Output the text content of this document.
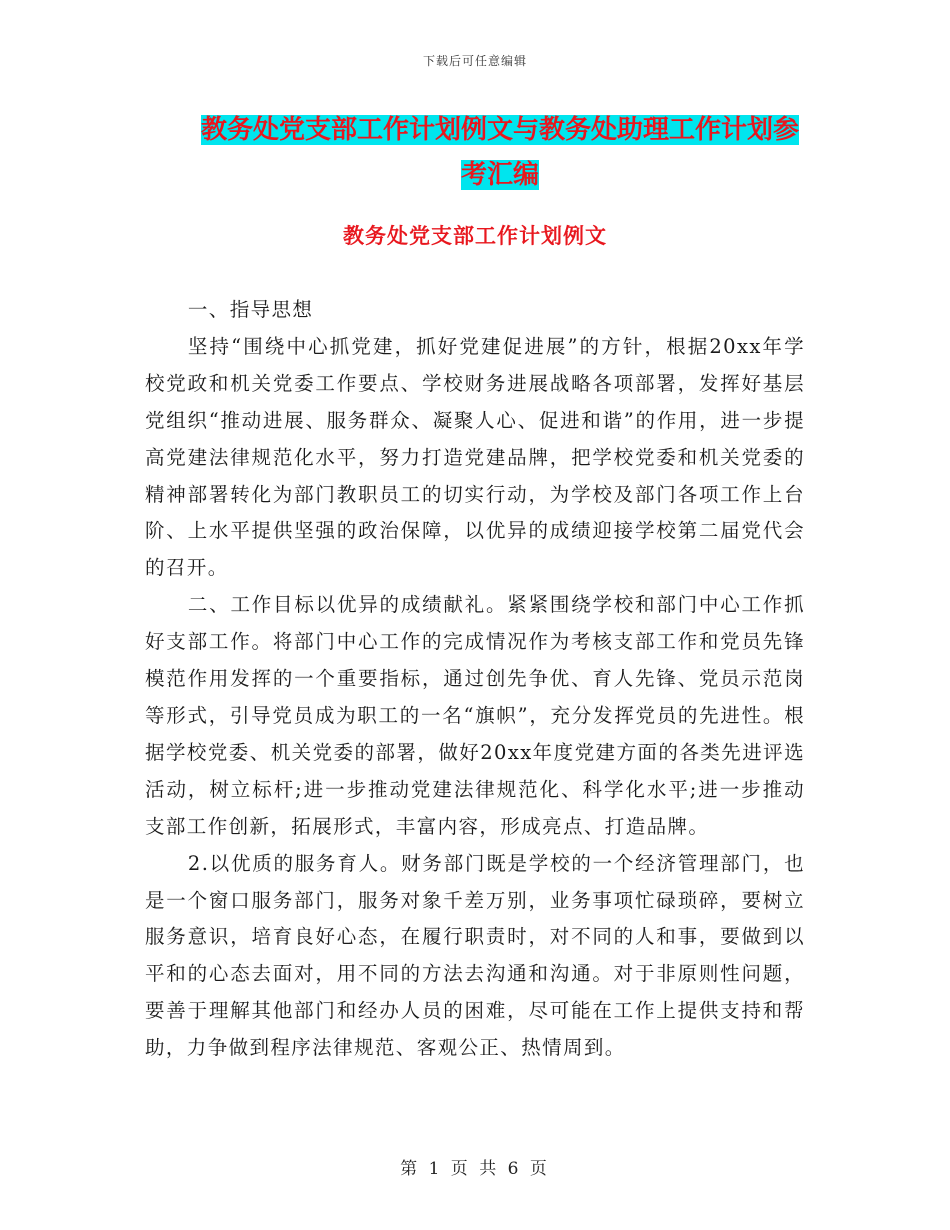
下载后可任意编辑
教务处党支部工作计划例文与教务处助理工作计划参
考汇编
教务处党支部工作计划例文

一、指导思想

坚持“围绕中心抓党建，抓好党建促进展”的方针，根据20xx年学校党政和机关党委工作要点、学校财务进展战略各项部署，发挥好基层党组织“推动进展、服务群众、凝聚人心、促进和谐”的作用，进一步提高党建法律规范化水平，努力打造党建品牌，把学校党委和机关党委的精神部署转化为部门教职员工的切实行动，为学校及部门各项工作上台阶、上水平提供坚强的政治保障，以优异的成绩迎接学校第二届党代会的召开。

二、工作目标以优异的成绩献礼。紧紧围绕学校和部门中心工作抓好支部工作。将部门中心工作的完成情况作为考核支部工作和党员先锋模范作用发挥的一个重要指标，通过创先争优、育人先锋、党员示范岗等形式，引导党员成为职工的一名“旗帜”，充分发挥党员的先进性。根据学校党委、机关党委的部署，做好20xx年度党建方面的各类先进评选活动，树立标杆;进一步推动党建法律规范化、科学化水平;进一步推动支部工作创新，拓展形式，丰富内容，形成亮点、打造品牌。

2.以优质的服务育人。财务部门既是学校的一个经济管理部门，也是一个窗口服务部门，服务对象千差万别，业务事项忙碌琐碎，要树立服务意识，培育良好心态，在履行职责时，对不同的人和事，要做到以平和的心态去面对，用不同的方法去沟通和沟通。对于非原则性问题，要善于理解其他部门和经办人员的困难，尽可能在工作上提供支持和帮助，力争做到程序法律规范、客观公正、热情周到。

第 1 页 共 6 页
